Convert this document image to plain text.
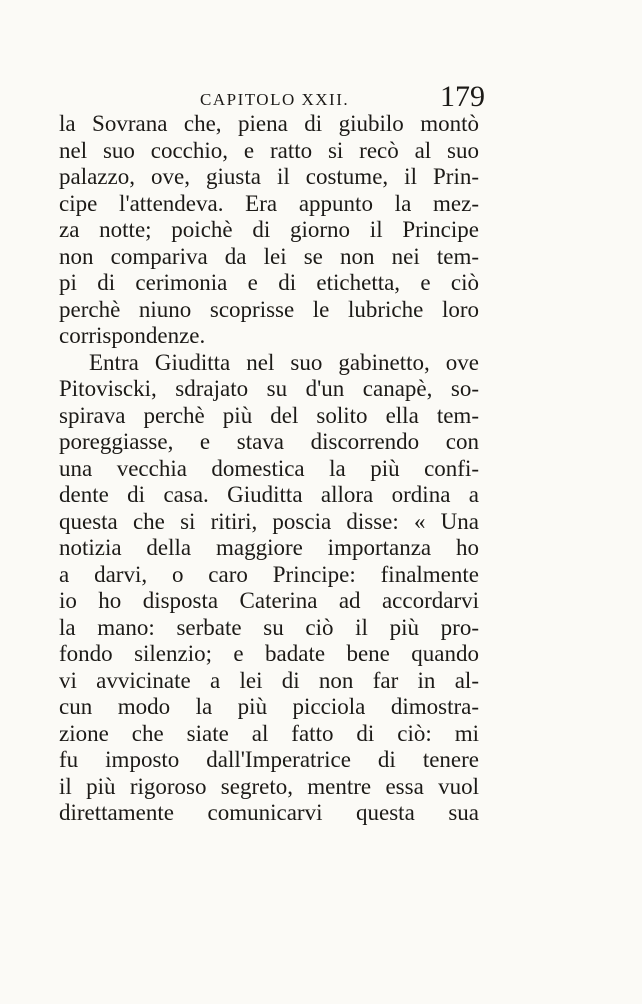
CAPITOLO XXII.	179
la Sovrana che, piena di giubilo montò
nel suo cocchio, e ratto si recò al suo
palazzo, ove, giusta il costume, il Prin-
cipe l'attendeva. Era appunto la mez-
za notte; poichè di giorno il Principe
non compariva da lei se non nei tem-
pi di cerimonia e di etichetta, e ciò
perchè niuno scoprisse le lubriche loro
corrispondenze.
Entra Giuditta nel suo gabinetto, ove
Pitoviscki, sdrajato su d'un canapè, so-
spirava perchè più del solito ella tem-
poreggiasse, e stava discorrendo con
una vecchia domestica la più confi-
dente di casa. Giuditta allora ordina a
questa che si ritiri, poscia disse: « Una
notizia della maggiore importanza ho
a darvi, o caro Principe: finalmente
io ho disposta Caterina ad accordarvi
la mano: serbate su ciò il più pro-
fondo silenzio; e badate bene quando
vi avvicinate a lei di non far in al-
cun modo la più picciola dimostra-
zione che siate al fatto di ciò: mi
fu imposto dall'Imperatrice di tenere
il più rigoroso segreto, mentre essa vuol
direttamente comunicarvi questa sua
